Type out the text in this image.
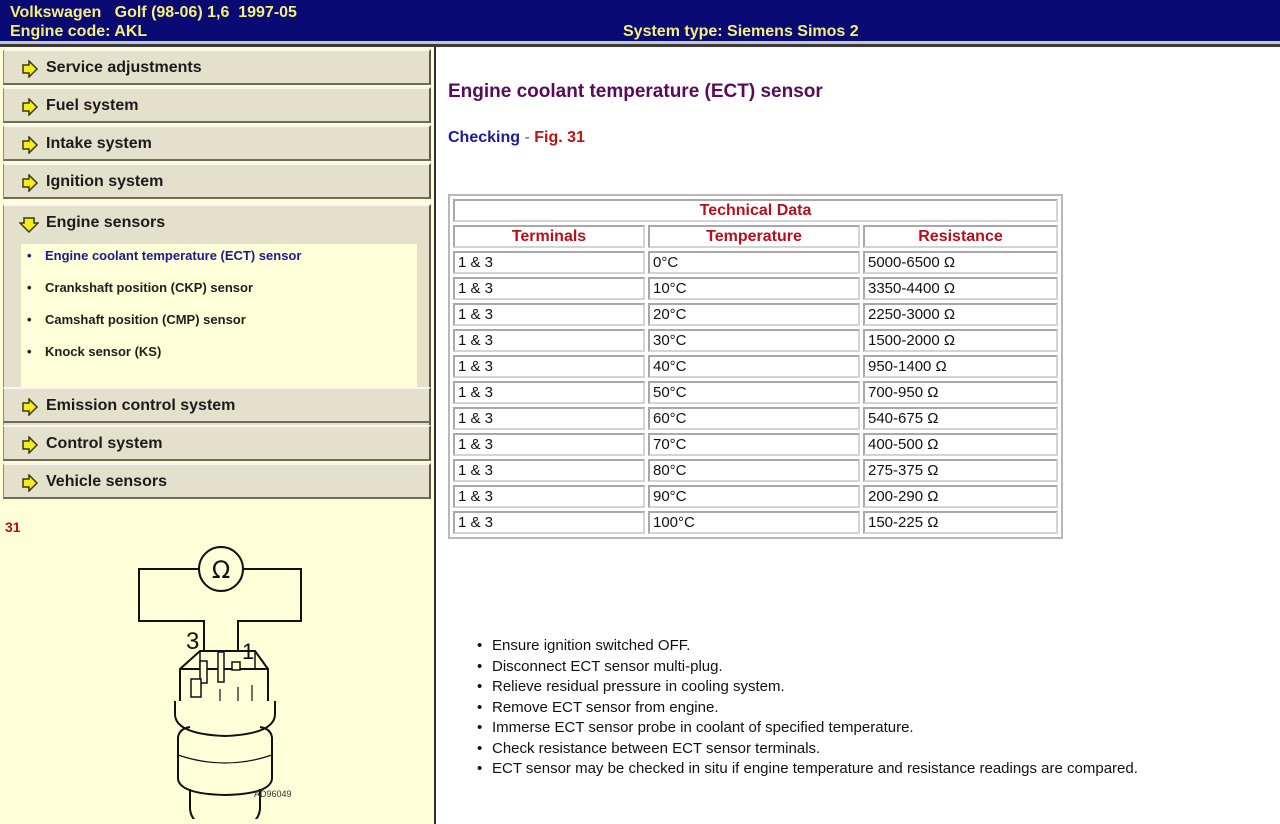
Volkswagen Golf (98-06) 1,6 1997-05
Engine code: AKL	System type: Siemens Simos 2
Service adjustments
Fuel system
Intake system
Ignition system
Engine sensors
• Engine coolant temperature (ECT) sensor
• Crankshaft position (CKP) sensor
• Camshaft position (CMP) sensor
• Knock sensor (KS)
Emission control system
Control system
Vehicle sensors
31
Ω
3 1
AD96049
Engine coolant temperature (ECT) sensor
Checking - Fig. 31
Technical Data		
Terminals	Temperature	Resistance
1 & 3	0°C	5000-6500 Ω
1 & 3	10°C	3350-4400 Ω
1 & 3	20°C	2250-3000 Ω
1 & 3	30°C	1500-2000 Ω
1 & 3	40°C	950-1400 Ω
1 & 3	50°C	700-950 Ω
1 & 3	60°C	540-675 Ω
1 & 3	70°C	400-500 Ω
1 & 3	80°C	275-375 Ω
1 & 3	90°C	200-290 Ω
1 & 3	100°C	150-225 Ω
• Ensure ignition switched OFF.
• Disconnect ECT sensor multi-plug.
• Relieve residual pressure in cooling system.
• Remove ECT sensor from engine.
• Immerse ECT sensor probe in coolant of specified temperature.
• Check resistance between ECT sensor terminals.
• ECT sensor may be checked in situ if engine temperature and resistance readings are compared.
